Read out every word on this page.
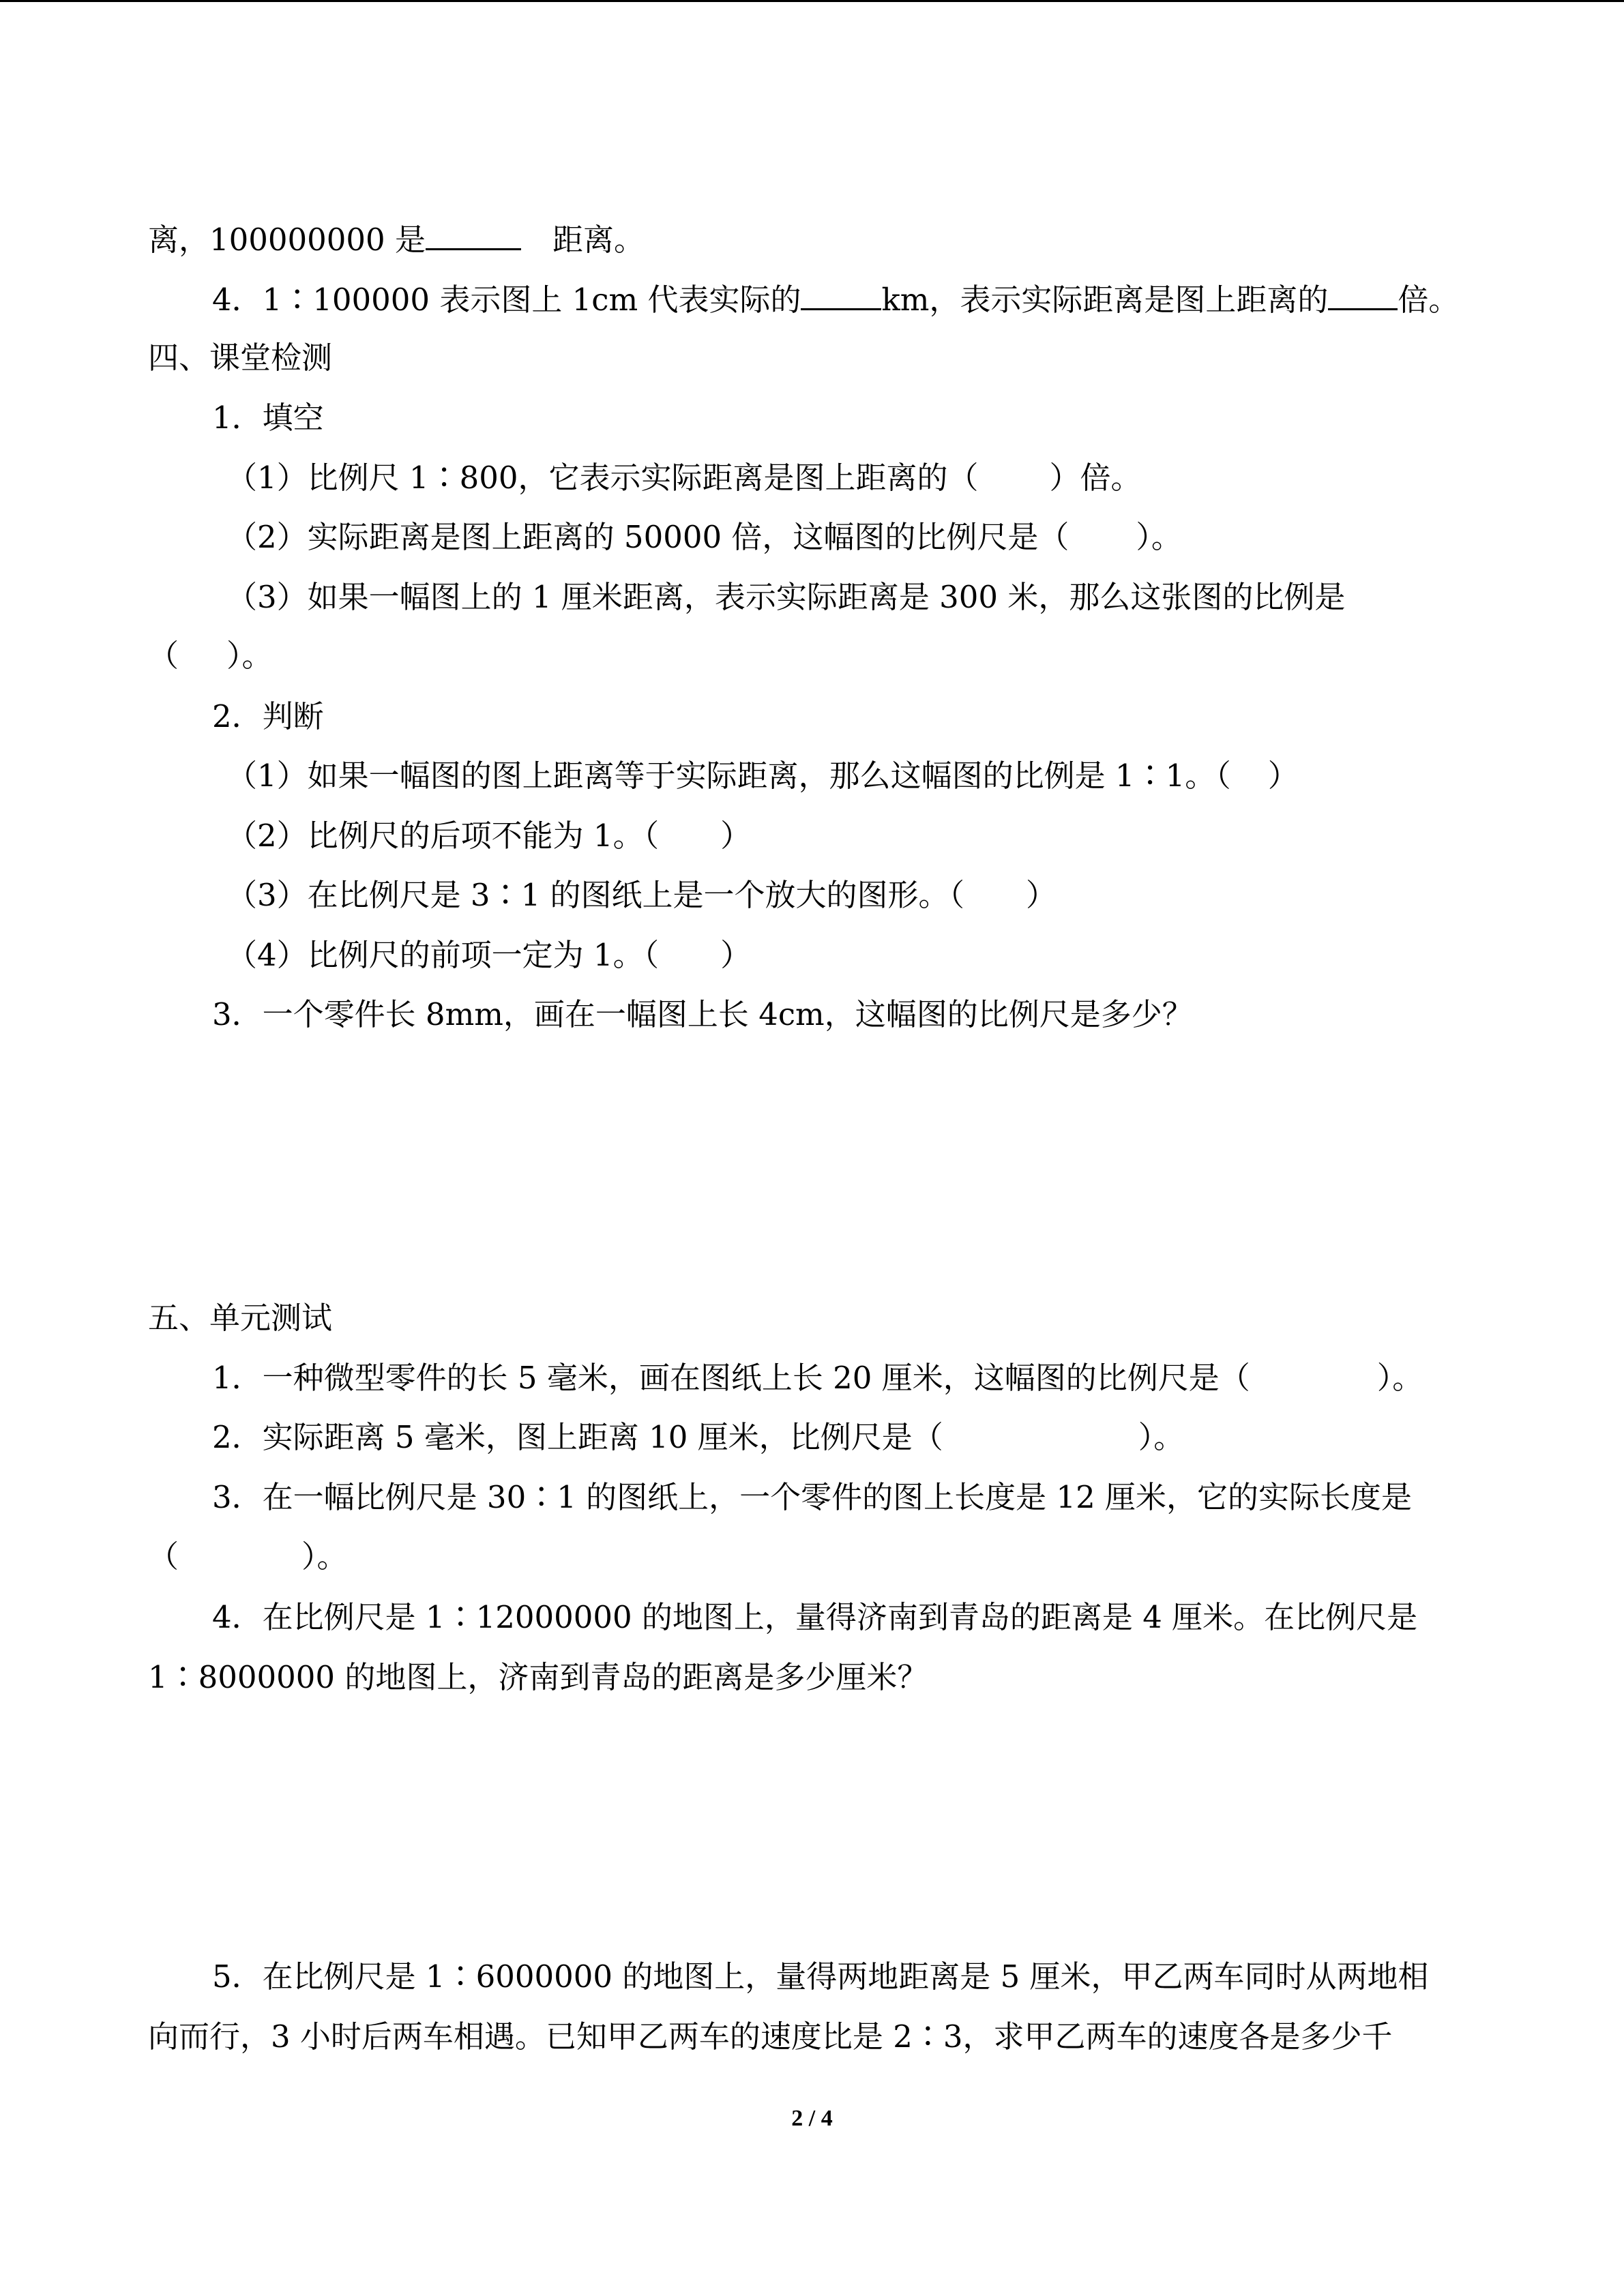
离，100000000 是	距离。
4．1∶100000 表示图上 1cm 代表实际的	km，表示实际距离是图上距离的 倍。
四、课堂检测
1．填空
（1）比例尺 1∶800，它表示实际距离是图上距离的（ ）倍。
（2）实际距离是图上距离的 50000 倍，这幅图的比例尺是（ ）。
（3）如果一幅图上的 1 厘米距离，表示实际距离是 300 米，那么这张图的比例是
（ ）。
2．判断
（1）如果一幅图的图上距离等于实际距离，那么这幅图的比例是 1∶1。（ ）
（2）比例尺的后项不能为 1。（ ）
（3）在比例尺是 3∶1 的图纸上是一个放大的图形。（ ）
（4）比例尺的前项一定为 1。（ ）
3．一个零件长 8mm，画在一幅图上长 4cm，这幅图的比例尺是多少？
五、单元测试
1．一种微型零件的长 5 毫米，画在图纸上长 20 厘米，这幅图的比例尺是（	）。
2．实际距离 5 毫米，图上距离 10 厘米，比例尺是（	）。
3．在一幅比例尺是 30∶1 的图纸上，一个零件的图上长度是 12 厘米，它的实际长度是
（	）。
4．在比例尺是 1∶12000000 的地图上，量得济南到青岛的距离是 4 厘米。在比例尺是
1∶8000000 的地图上，济南到青岛的距离是多少厘米？
5．在比例尺是 1∶6000000 的地图上，量得两地距离是 5 厘米，甲乙两车同时从两地相
向而行，3 小时后两车相遇。已知甲乙两车的速度比是 2∶3，求甲乙两车的速度各是多少千
2 / 4
